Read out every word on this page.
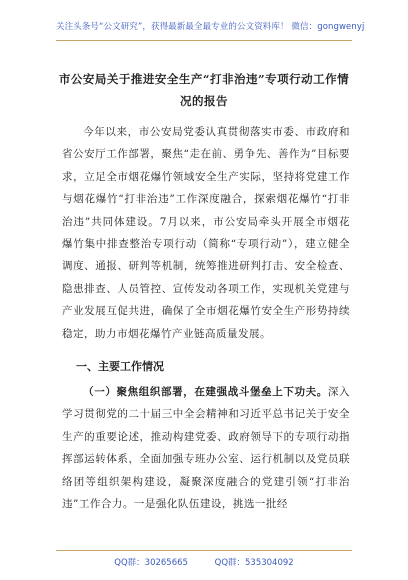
关注头条号“公文研究”，获得最新最全最专业的公文资料库！ 微信：gongwenyj
市公安局关于推进安全生产“打非治违”专项行动工作情
况的报告
今年以来，市公安局党委认真贯彻落实市委、市政府和省公安厅工作部署，聚焦“走在前、勇争先、善作为”目标要求，立足全市烟花爆竹领域安全生产实际，坚持将党建工作与烟花爆竹“打非治违”工作深度融合，探索烟花爆竹“打非治违”共同体建设。7月以来，市公安局牵头开展全市烟花爆竹集中排查整治专项行动（简称“专项行动”），建立健全调度、通报、研判等机制，统筹推进研判打击、安全检查、隐患排查、人员管控、宣传发动各项工作，实现机关党建与产业发展互促共进，确保了全市烟花爆竹安全生产形势持续稳定，助力市烟花爆竹产业链高质量发展。
一、主要工作情况
（一）聚焦组织部署，在建强战斗堡垒上下功夫。深入学习贯彻党的二十届三中全会精神和习近平总书记关于安全生产的重要论述，推动构建党委、政府领导下的专项行动指挥部运转体系，全面加强专班办公室、运行机制以及党员联络团等组织架构建设，凝聚深度融合的党建引领“打非治违”工作合力。一是强化队伍建设，挑选一批经
QQ群：30265665	QQ群：535304092
